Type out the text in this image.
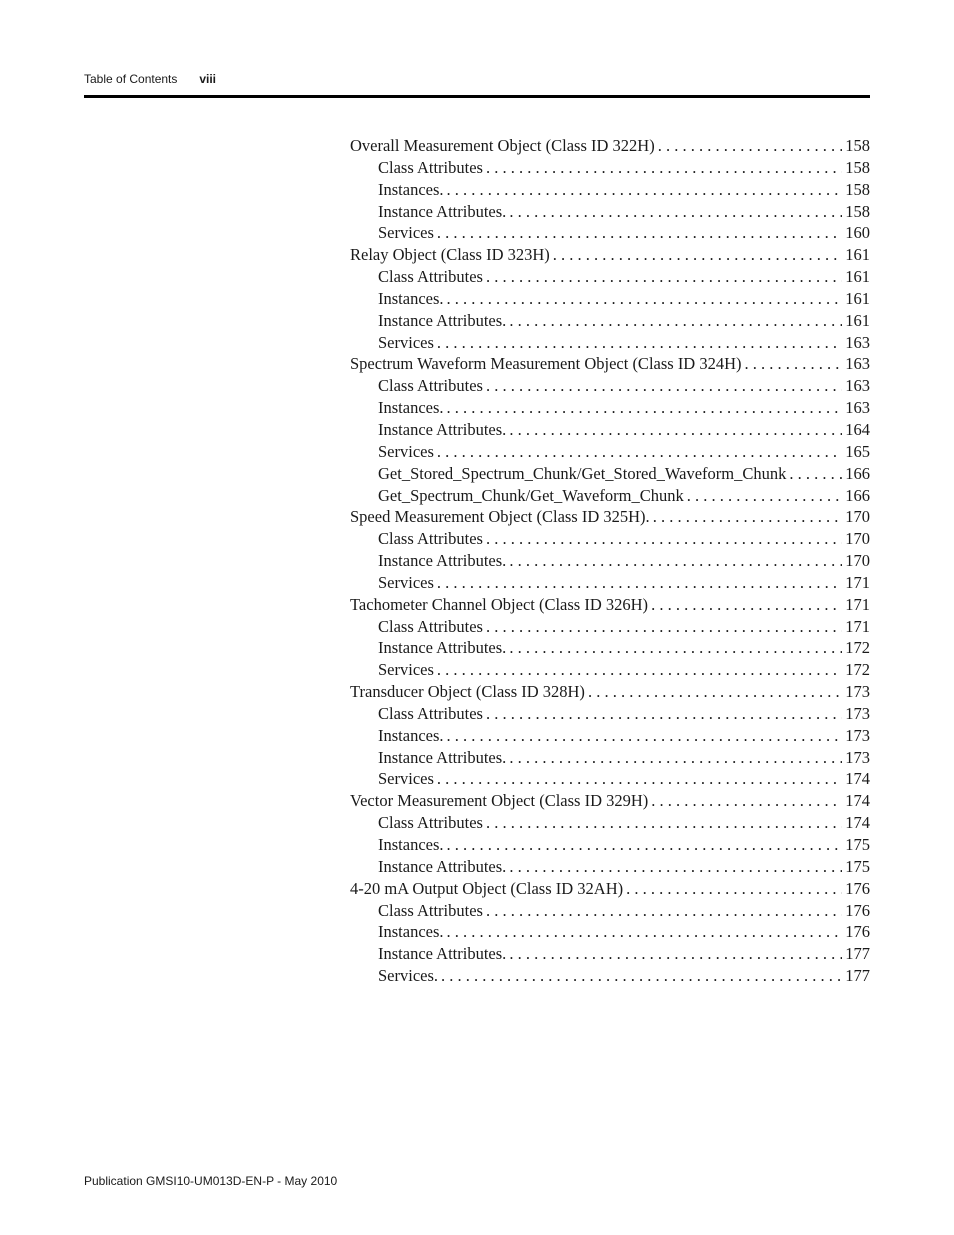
Table of Contents viii
Overall Measurement Object (Class ID 322H) . . .	158
Class Attributes . . .	158
Instances. . . .	158
Instance Attributes. . . .	158
Services . . .	160
Relay Object (Class ID 323H) . . .	161
Class Attributes . . .	161
Instances. . . .	161
Instance Attributes. . . .	161
Services . . .	163
Spectrum Waveform Measurement Object (Class ID 324H) . . .	163
Class Attributes . . .	163
Instances. . . .	163
Instance Attributes. . . .	164
Services . . .	165
Get_Stored_Spectrum_Chunk/Get_Stored_Waveform_Chunk . . .	166
Get_Spectrum_Chunk/Get_Waveform_Chunk . . .	166
Speed Measurement Object (Class ID 325H). . . .	170
Class Attributes . . .	170
Instance Attributes. . . .	170
Services . . .	171
Tachometer Channel Object (Class ID 326H) . . .	171
Class Attributes . . .	171
Instance Attributes. . . .	172
Services . . .	172
Transducer Object (Class ID 328H) . . .	173
Class Attributes . . .	173
Instances. . . .	173
Instance Attributes. . . .	173
Services . . .	174
Vector Measurement Object (Class ID 329H) . . .	174
Class Attributes . . .	174
Instances. . . .	175
Instance Attributes. . . .	175
4-20 mA Output Object (Class ID 32AH) . . .	176
Class Attributes . . .	176
Instances. . . .	176
Instance Attributes. . . .	177
Services. . . .	177
Publication GMSI10-UM013D-EN-P - May 2010
